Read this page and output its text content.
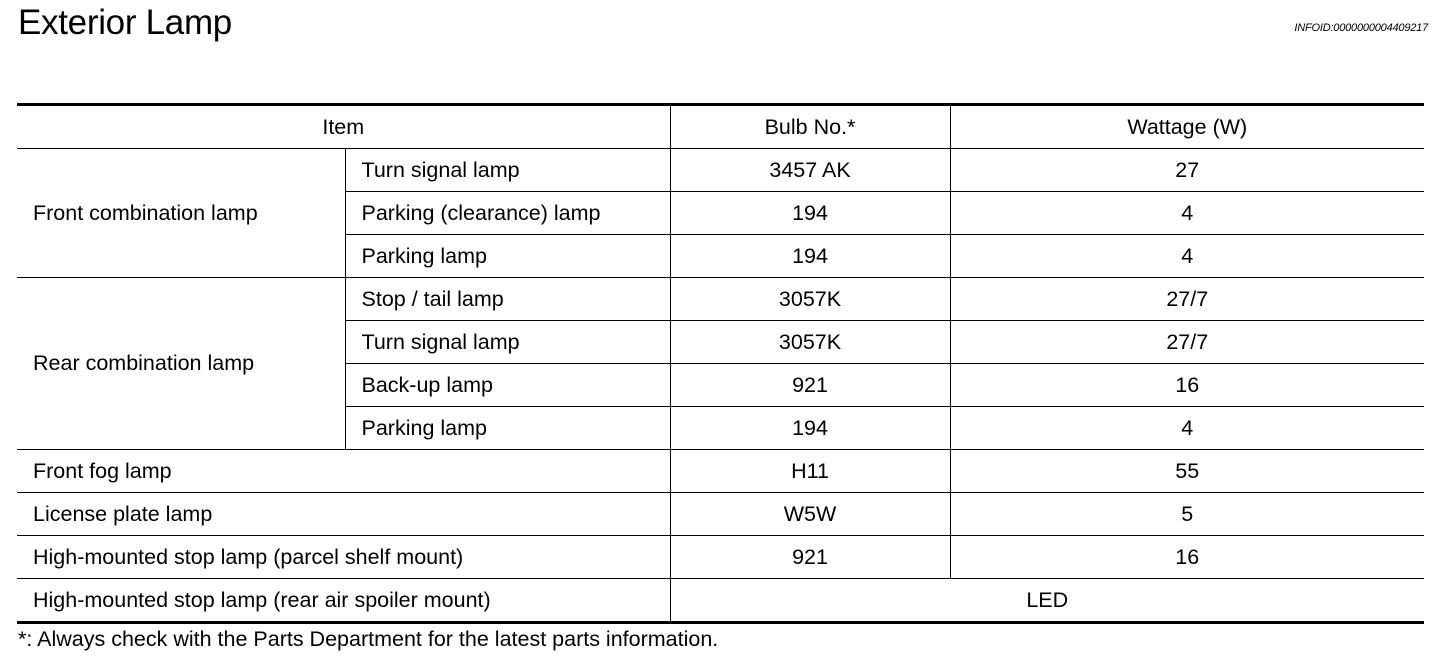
Exterior Lamp	INFOID:0000000004409217
Item		Bulb No.*	Wattage (W)
Front combination lamp	Turn signal lamp	3457 AK	27
	Parking (clearance) lamp	194	4
	Parking lamp	194	4
Rear combination lamp	Stop / tail lamp	3057K	27/7
	Turn signal lamp	3057K	27/7
	Back-up lamp	921	16
	Parking lamp	194	4
Front fog lamp		H11	55
License plate lamp		W5W	5
High-mounted stop lamp (parcel shelf mount)		921	16
High-mounted stop lamp (rear air spoiler mount)		LED	
*: Always check with the Parts Department for the latest parts information.
